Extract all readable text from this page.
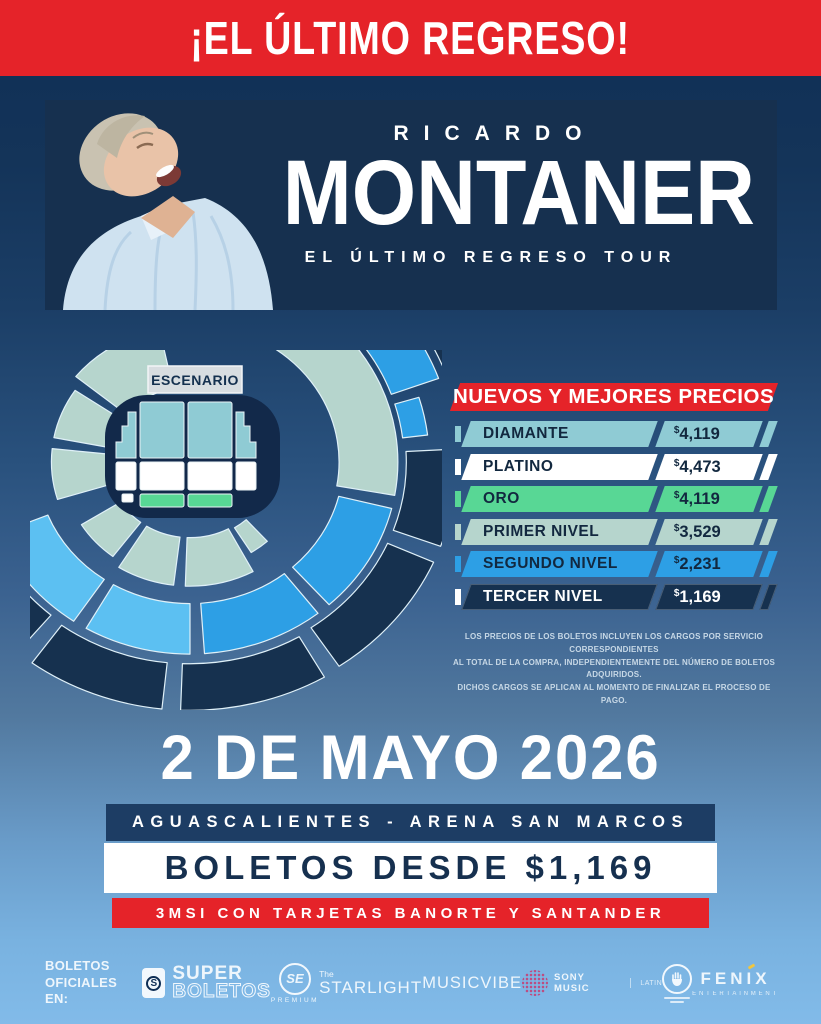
¡EL ÚLTIMO REGRESO!
RICARDO
MONTANER
EL ÚLTIMO REGRESO TOUR
ESCENARIO
NUEVOS Y MEJORES PRECIOS
DIAMANTE	$4,119
PLATINO	$4,473
ORO	$4,119
PRIMER NIVEL	$3,529
SEGUNDO NIVEL	$2,231
TERCER NIVEL	$1,169
LOS PRECIOS DE LOS BOLETOS INCLUYEN LOS CARGOS POR SERVICIO CORRESPONDIENTES
AL TOTAL DE LA COMPRA, INDEPENDIENTEMENTE DEL NÚMERO DE BOLETOS ADQUIRIDOS.
DICHOS CARGOS SE APLICAN AL MOMENTO DE FINALIZAR EL PROCESO DE PAGO.
2 DE MAYO 2026
AGUASCALIENTES - ARENA SAN MARCOS
BOLETOS DESDE $1,169
3MSI CON TARJETAS BANORTE Y SANTANDER
BOLETOS
OFICIALES EN:
S SUPER
BOLETOS
SE
PREMIUM
The
STARLIGHT MUSICVIBE	SONY MUSIC	LATIN	FENIX
ENTERTAINMENT
